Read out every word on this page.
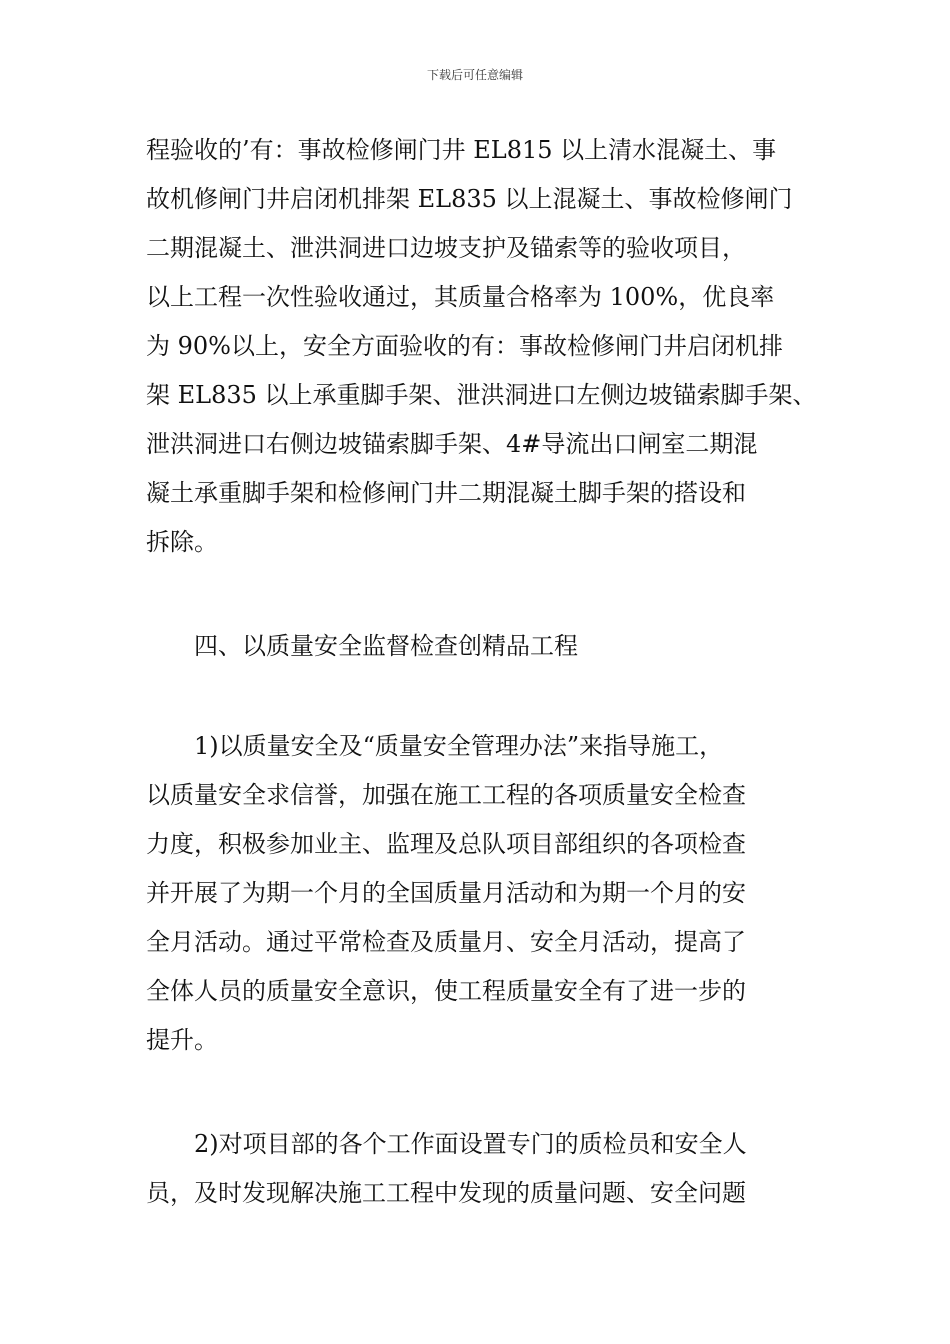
下载后可任意编辑
程验收的’有：事故检修闸门井 EL815 以上清水混凝土、事
故机修闸门井启闭机排架 EL835 以上混凝土、事故检修闸门
二期混凝土、泄洪洞进口边坡支护及锚索等的验收项目，
以上工程一次性验收通过，其质量合格率为 100%，优良率
为 90%以上，安全方面验收的有：事故检修闸门井启闭机排
架 EL835 以上承重脚手架、泄洪洞进口左侧边坡锚索脚手架、
泄洪洞进口右侧边坡锚索脚手架、4#导流出口闸室二期混
凝土承重脚手架和检修闸门井二期混凝土脚手架的搭设和
拆除。
四、以质量安全监督检查创精品工程
1)以质量安全及“质量安全管理办法”来指导施工，
以质量安全求信誉，加强在施工工程的各项质量安全检查
力度，积极参加业主、监理及总队项目部组织的各项检查
并开展了为期一个月的全国质量月活动和为期一个月的安
全月活动。通过平常检查及质量月、安全月活动，提高了
全体人员的质量安全意识，使工程质量安全有了进一步的
提升。
2)对项目部的各个工作面设置专门的质检员和安全人
员，及时发现解决施工工程中发现的质量问题、安全问题
